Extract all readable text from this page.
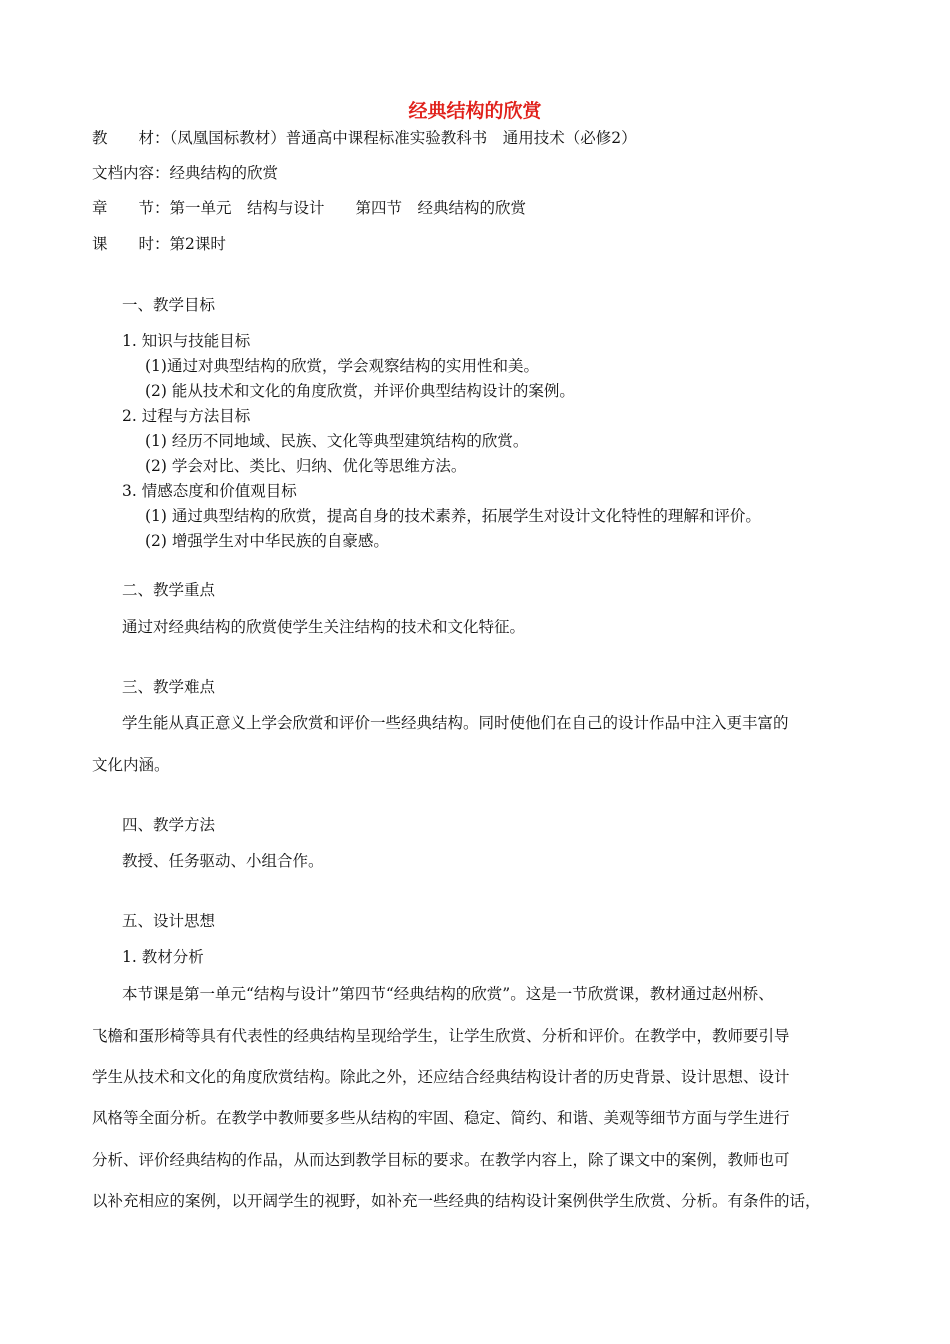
经典结构的欣赏
教　　材：（凤凰国标教材）普通高中课程标准实验教科书　通用技术（必修2）
文档内容：经典结构的欣赏
章　　节：第一单元　结构与设计　　第四节　经典结构的欣赏
课　　时：第2课时
一、教学目标
1. 知识与技能目标
(1)通过对典型结构的欣赏，学会观察结构的实用性和美。
(2) 能从技术和文化的角度欣赏，并评价典型结构设计的案例。
2. 过程与方法目标
(1) 经历不同地域、民族、文化等典型建筑结构的欣赏。
(2) 学会对比、类比、归纳、优化等思维方法。
3. 情感态度和价值观目标
(1) 通过典型结构的欣赏，提高自身的技术素养，拓展学生对设计文化特性的理解和评价。
(2) 增强学生对中华民族的自豪感。
二、教学重点
通过对经典结构的欣赏使学生关注结构的技术和文化特征。
三、教学难点
学生能从真正意义上学会欣赏和评价一些经典结构。同时使他们在自己的设计作品中注入更丰富的
文化内涵。
四、教学方法
教授、任务驱动、小组合作。
五、设计思想
1. 教材分析
本节课是第一单元“结构与设计”第四节“经典结构的欣赏”。这是一节欣赏课，教材通过赵州桥、
飞檐和蛋形椅等具有代表性的经典结构呈现给学生，让学生欣赏、分析和评价。在教学中，教师要引导
学生从技术和文化的角度欣赏结构。除此之外，还应结合经典结构设计者的历史背景、设计思想、设计
风格等全面分析。在教学中教师要多些从结构的牢固、稳定、简约、和谐、美观等细节方面与学生进行
分析、评价经典结构的作品，从而达到教学目标的要求。在教学内容上，除了课文中的案例，教师也可
以补充相应的案例，以开阔学生的视野，如补充一些经典的结构设计案例供学生欣赏、分析。有条件的话，
